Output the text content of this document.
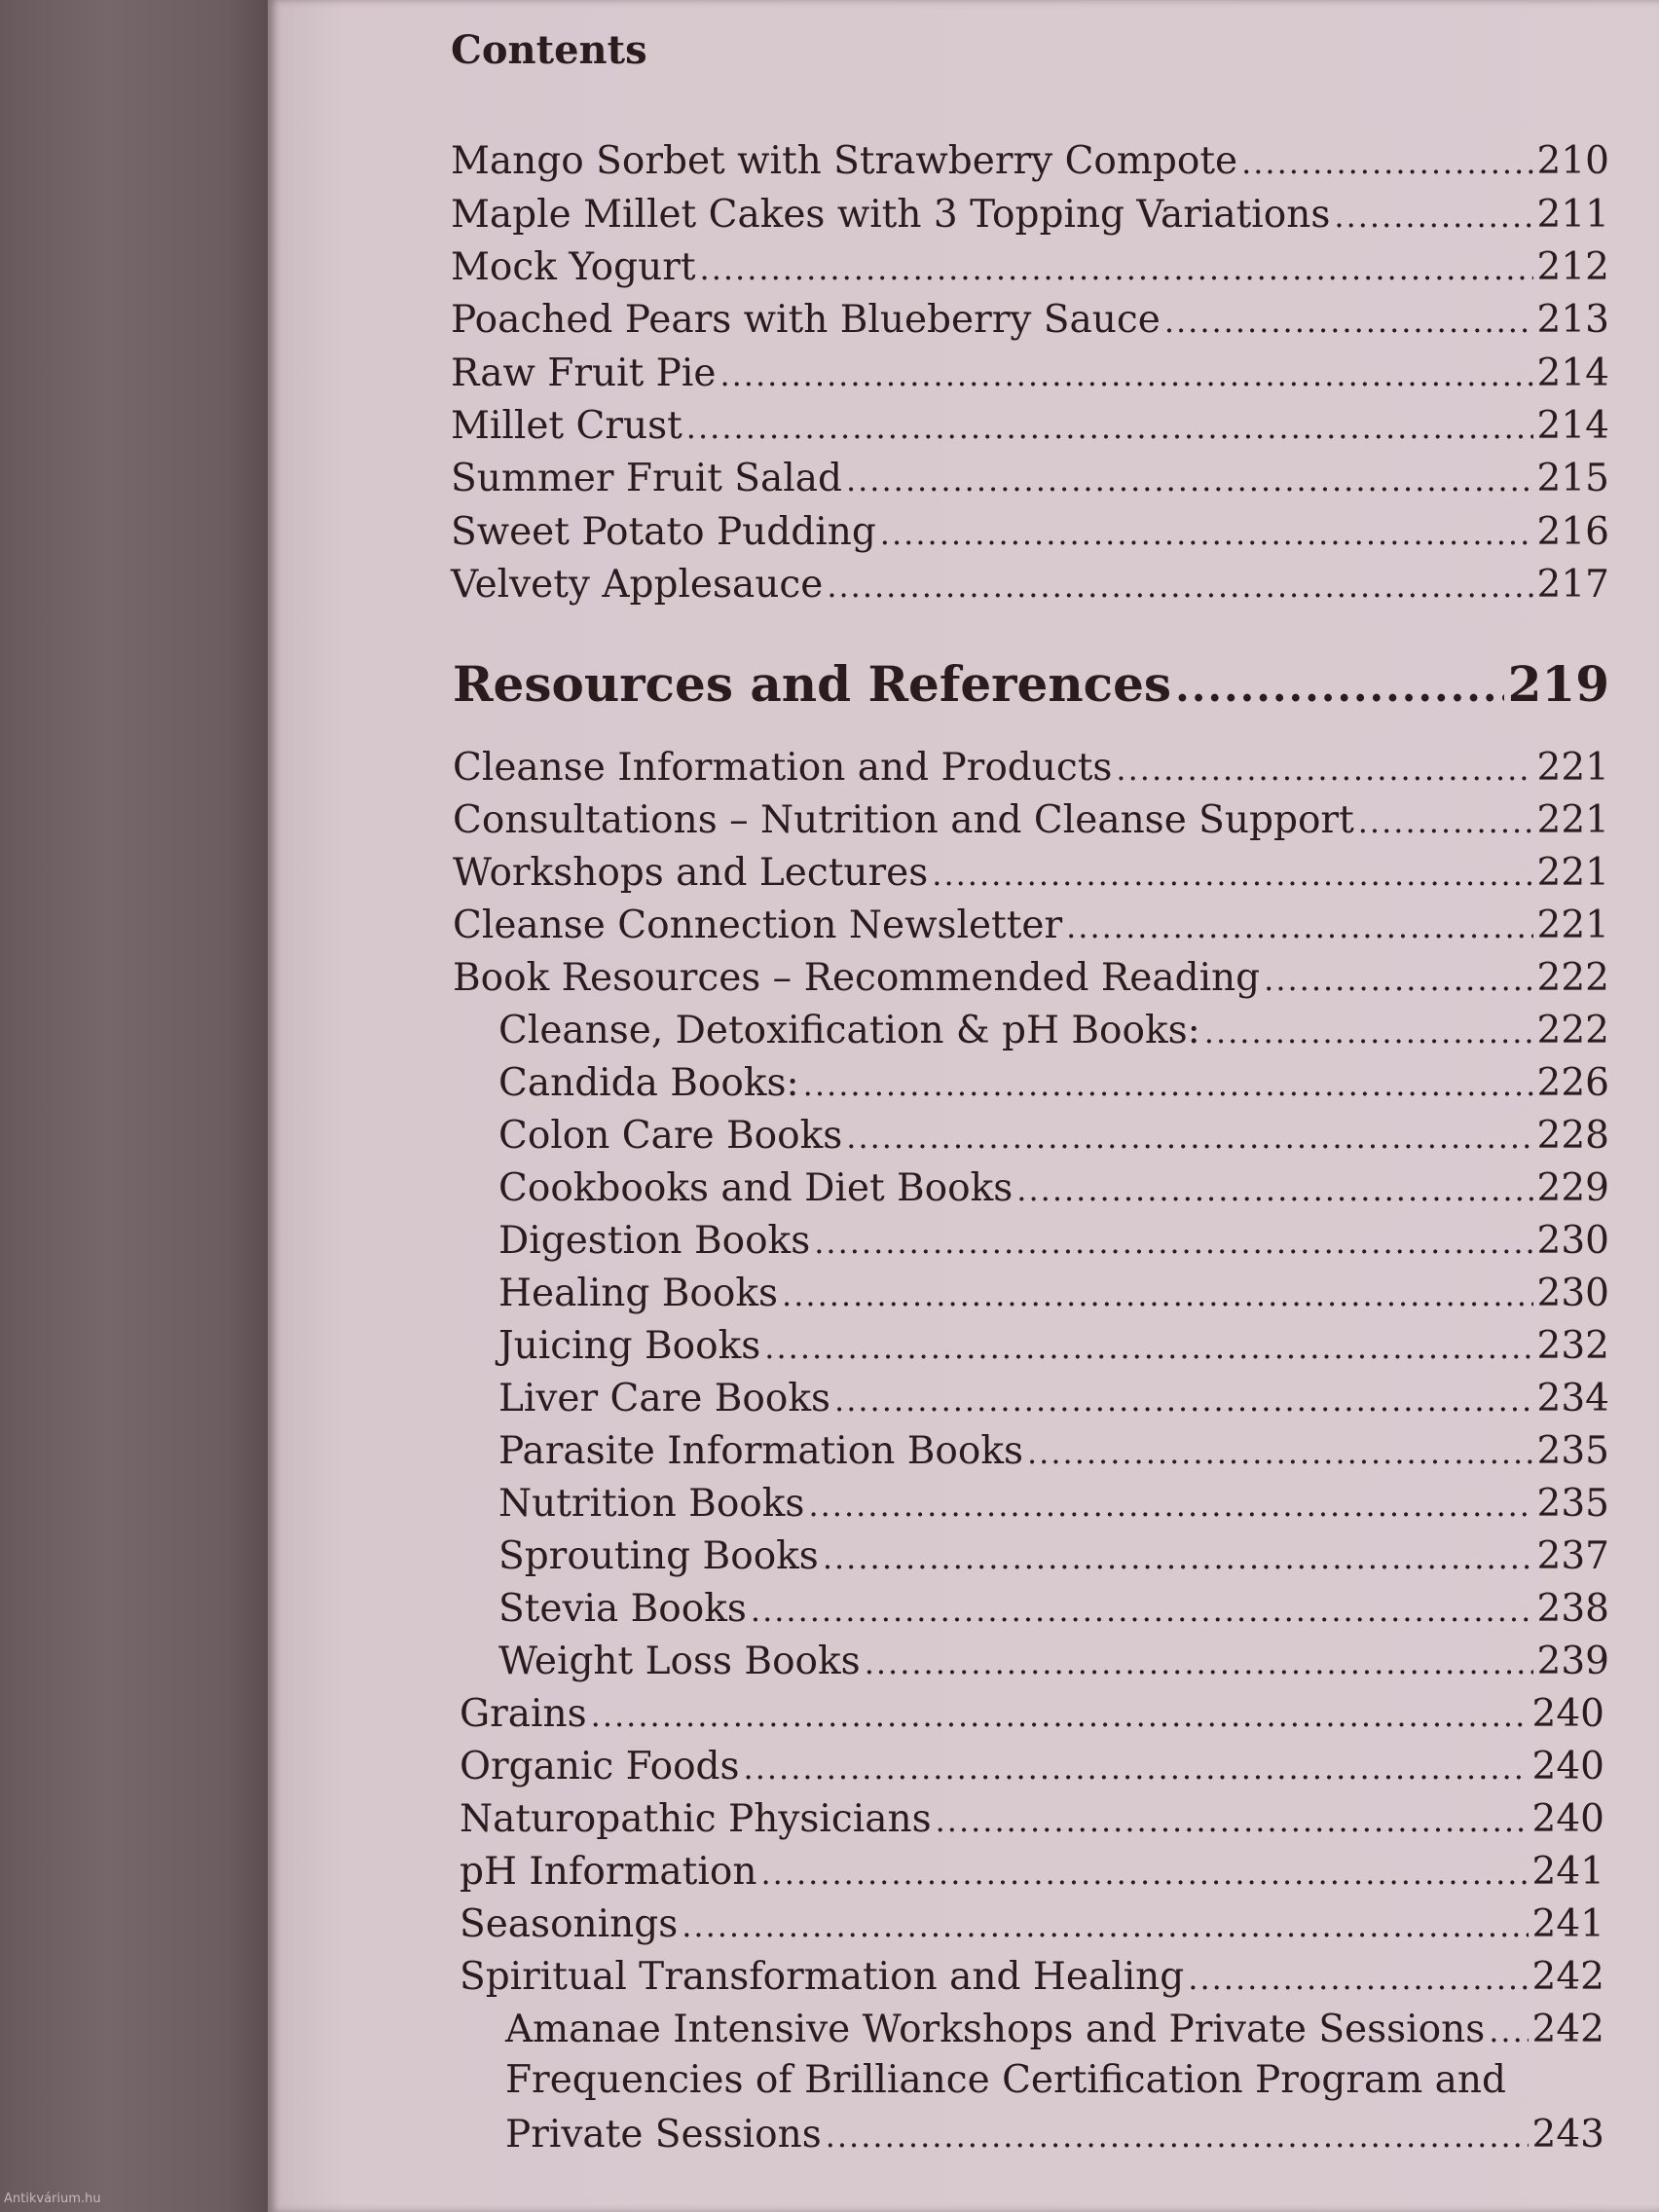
Contents
Mango Sorbet with Strawberry Compote .....	210
Maple Millet Cakes with 3 Topping Variations .....	211
Mock Yogurt .....	212
Poached Pears with Blueberry Sauce .....	213
Raw Fruit Pie .....	214
Millet Crust .....	214
Summer Fruit Salad .....	215
Sweet Potato Pudding .....	216
Velvety Applesauce .....	217
Resources and References .....	219
Cleanse Information and Products .....	221
Consultations – Nutrition and Cleanse Support .....	221
Workshops and Lectures .....	221
Cleanse Connection Newsletter .....	221
Book Resources – Recommended Reading .....	222
Cleanse, Detoxification & pH Books: .....	222
Candida Books: .....	226
Colon Care Books .....	228
Cookbooks and Diet Books .....	229
Digestion Books .....	230
Healing Books .....	230
Juicing Books .....	232
Liver Care Books .....	234
Parasite Information Books .....	235
Nutrition Books .....	235
Sprouting Books .....	237
Stevia Books .....	238
Weight Loss Books .....	239
Grains .....	240
Organic Foods .....	240
Naturopathic Physicians .....	240
pH Information .....	241
Seasonings .....	241
Spiritual Transformation and Healing .....	242
Amanae Intensive Workshops and Private Sessions ..... 242
Frequencies of Brilliance Certification Program and
Private Sessions .....	243
Antikvárium.hu
